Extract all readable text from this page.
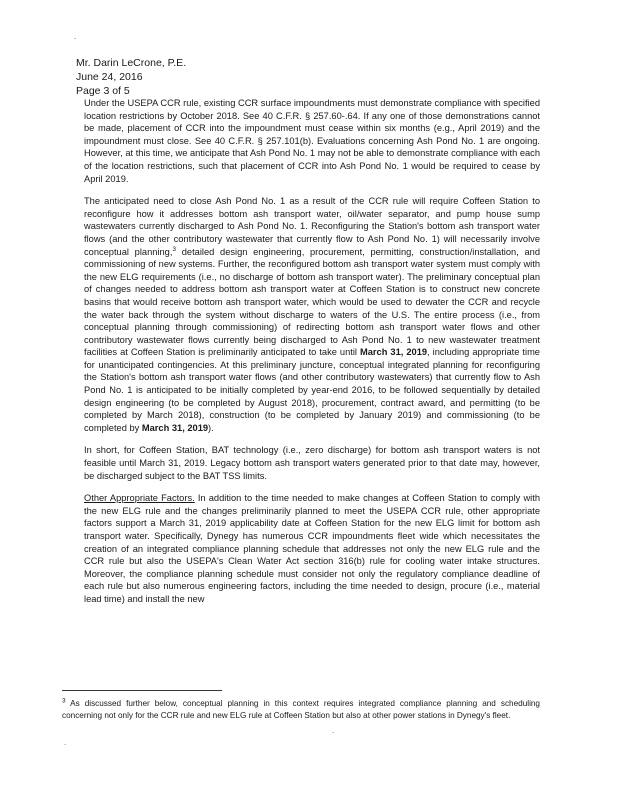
.
Mr. Darin LeCrone, P.E.
June 24, 2016
Page 3 of 5

Under the USEPA CCR rule, existing CCR surface impoundments must demonstrate compliance with specified location restrictions by October 2018. See 40 C.F.R. § 257.60-.64. If any one of those demonstrations cannot be made, placement of CCR into the impoundment must cease within six months (e.g., April 2019) and the impoundment must close. See 40 C.F.R. § 257.101(b). Evaluations concerning Ash Pond No. 1 are ongoing. However, at this time, we anticipate that Ash Pond No. 1 may not be able to demonstrate compliance with each of the location restrictions, such that placement of CCR into Ash Pond No. 1 would be required to cease by April 2019.

The anticipated need to close Ash Pond No. 1 as a result of the CCR rule will require Coffeen Station to reconfigure how it addresses bottom ash transport water, oil/water separator, and pump house sump wastewaters currently discharged to Ash Pond No. 1. Reconfiguring the Station's bottom ash transport water flows (and the other contributory wastewater that currently flow to Ash Pond No. 1) will necessarily involve conceptual planning,$^3$ detailed design engineering, procurement, permitting, construction/installation, and commissioning of new systems. Further, the reconfigured bottom ash transport water system must comply with the new ELG requirements (i.e., no discharge of bottom ash transport water). The preliminary conceptual plan of changes needed to address bottom ash transport water at Coffeen Station is to construct new concrete basins that would receive bottom ash transport water, which would be used to dewater the CCR and recycle the water back through the system without discharge to waters of the U.S. The entire process (i.e., from conceptual planning through commissioning) of redirecting bottom ash transport water flows and other contributory wastewater flows currently being discharged to Ash Pond No. 1 to new wastewater treatment facilities at Coffeen Station is preliminarily anticipated to take until March 31, 2019, including appropriate time for unanticipated contingencies. At this preliminary juncture, conceptual integrated planning for reconfiguring the Station's bottom ash transport water flows (and other contributory wastewaters) that currently flow to Ash Pond No. 1 is anticipated to be initially completed by year-end 2016, to be followed sequentially by detailed design engineering (to be completed by August 2018), procurement, contract award, and permitting (to be completed by March 2018), construction (to be completed by January 2019) and commissioning (to be completed by March 31, 2019).

In short, for Coffeen Station, BAT technology (i.e., zero discharge) for bottom ash transport waters is not feasible until March 31, 2019. Legacy bottom ash transport waters generated prior to that date may, however, be discharged subject to the BAT TSS limits.

Other Appropriate Factors. In addition to the time needed to make changes at Coffeen Station to comply with the new ELG rule and the changes preliminarily planned to meet the USEPA CCR rule, other appropriate factors support a March 31, 2019 applicability date at Coffeen Station for the new ELG limit for bottom ash transport water. Specifically, Dynegy has numerous CCR impoundments fleet wide which necessitates the creation of an integrated compliance planning schedule that addresses not only the new ELG rule and the CCR rule but also the USEPA's Clean Water Act section 316(b) rule for cooling water intake structures. Moreover, the compliance planning schedule must consider not only the regulatory compliance deadline of each rule but also numerous engineering factors, including the time needed to design, procure (i.e., material lead time) and install the new

$^3$ As discussed further below, conceptual planning in this context requires integrated compliance planning and scheduling concerning not only for the CCR rule and new ELG rule at Coffeen Station but also at other power stations in Dynegy's fleet.

.
.
